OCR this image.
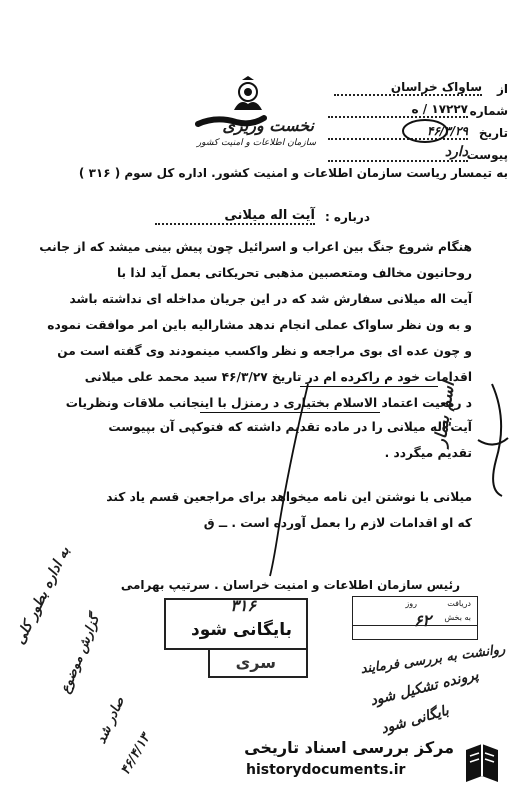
نخست وزیری
سازمان اطلاعات و امنیت کشور
از
ساواک خراسان
شماره
۱۷۲۲۷ / ه
تاریخ
۴۶/۳/۲۹
پیوست
دارد
به تیمسار ریاست سازمان اطلاعات و امنیت کشور. اداره کل سوم ( ۳۱۶ )
درباره :
آیت اله میلانی
هنگام شروع جنگ بین اعراب و اسرائیل چون پیش بینی میشد که از جانب
روحانیون مخالف ومتعصبین مذهبی تحریکاتی بعمل آید لذا با
آیت اله میلانی سفارش شد که در این جریان مداخله ای نداشته باشد
و به ون نظر ساواک عملی انجام ندهد مشارالیه باین امر موافقت نموده
و چون عده ای بوی مراجعه و نظر واکسب مینمودند وی گفته است من
اقدامات خود م راکرده ام در تاریخ ۴۶/۳/۲۷ سید محمد علی میلانی
د رمعیت اعتماد الاسلام بختیاری د رمنزل با اینجانب ملاقات ونظریات
آیت اله میلانی را در ماده تقدیم داشته که فتوکپی آن بپیوست
تقدیم میگردد .
میلانی با نوشتن این نامه میخواهد برای مراجعین قسم یاد کند
که او اقدامات لازم را بعمل آورده است . ــ ق
رئیس سازمان اطلاعات و امنیت خراسان . سرتیپ بهرامی
۳۱۶
بایگانی شود
سری
دریافت
روز
به بخش
۶۲
اسم بیمار
به اداره بطور کلی
گزارش موضوع
صادر شد
۴۶/۴/۱۳
روانشت به بررسی فرمایند
پرونده تشکیل شود
بایگانی شود
مرکز بررسی اسناد تاریخی
historydocuments.ir
